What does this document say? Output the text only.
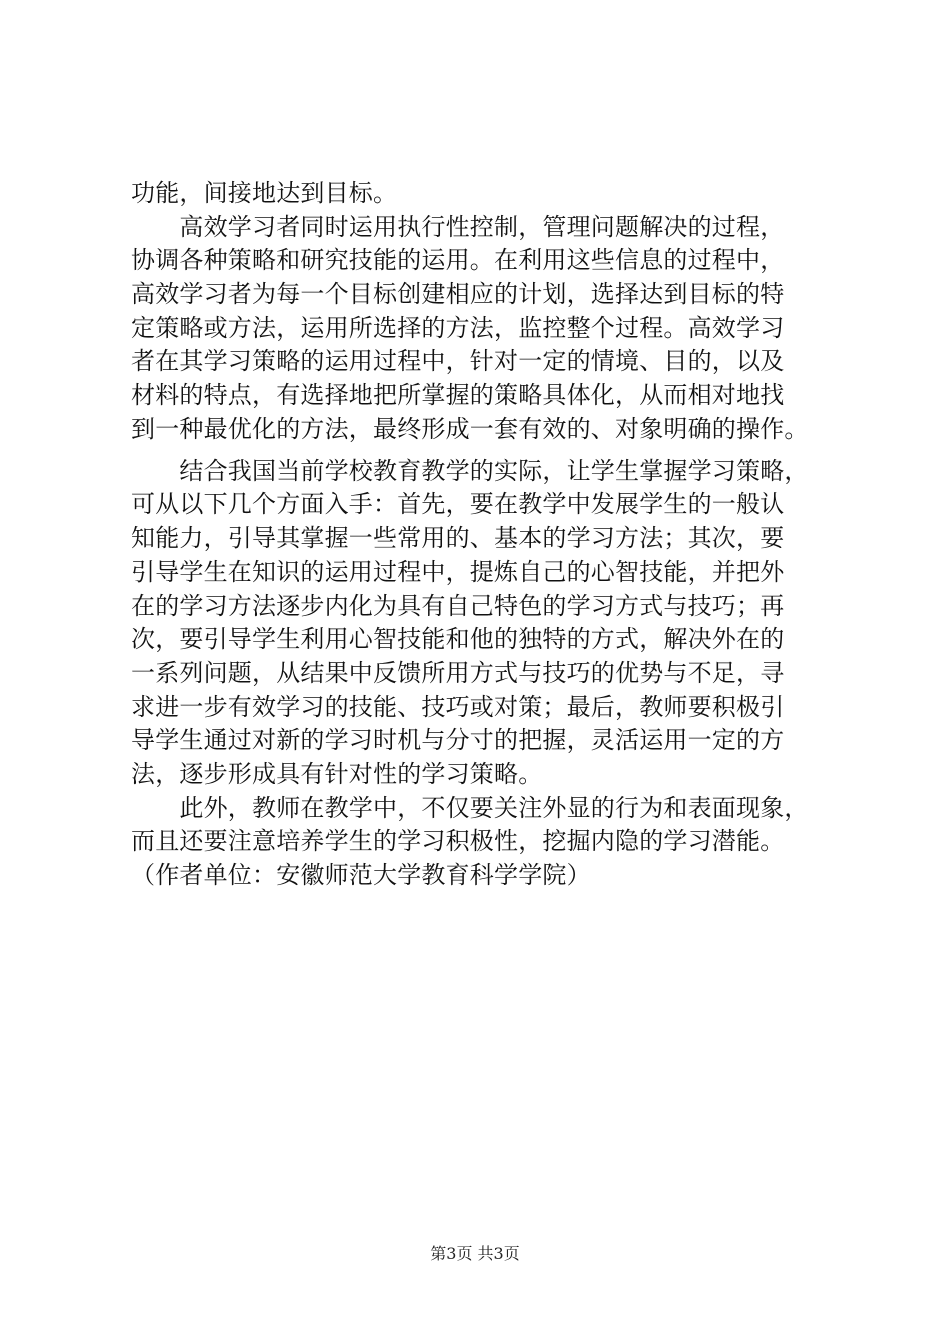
功能，间接地达到目标。
　　高效学习者同时运用执行性控制，管理问题解决的过程，
协调各种策略和研究技能的运用。在利用这些信息的过程中，
高效学习者为每一个目标创建相应的计划，选择达到目标的特
定策略或方法，运用所选择的方法，监控整个过程。高效学习
者在其学习策略的运用过程中，针对一定的情境、目的，以及
材料的特点，有选择地把所掌握的策略具体化，从而相对地找
到一种最优化的方法，最终形成一套有效的、对象明确的操作。
　　结合我国当前学校教育教学的实际，让学生掌握学习策略，
可从以下几个方面入手：首先，要在教学中发展学生的一般认
知能力，引导其掌握一些常用的、基本的学习方法；其次，要
引导学生在知识的运用过程中，提炼自己的心智技能，并把外
在的学习方法逐步内化为具有自己特色的学习方式与技巧；再
次，要引导学生利用心智技能和他的独特的方式，解决外在的
一系列问题，从结果中反馈所用方式与技巧的优势与不足，寻
求进一步有效学习的技能、技巧或对策；最后，教师要积极引
导学生通过对新的学习时机与分寸的把握，灵活运用一定的方
法，逐步形成具有针对性的学习策略。
　　此外，教师在教学中，不仅要关注外显的行为和表面现象，
而且还要注意培养学生的学习积极性，挖掘内隐的学习潜能。
（作者单位：安徽师范大学教育科学学院）
第3页 共3页
